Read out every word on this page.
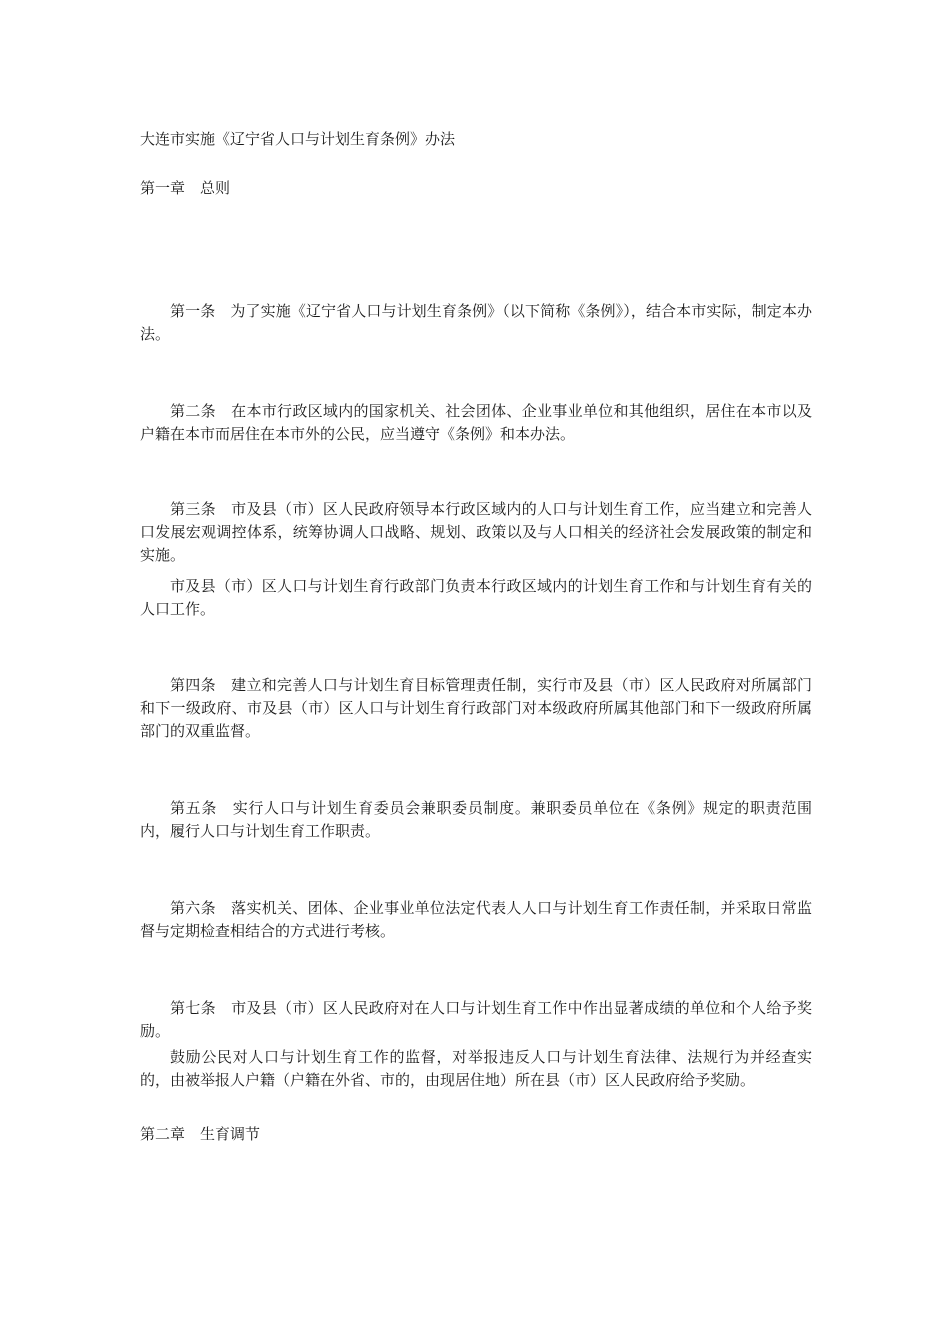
大连市实施《辽宁省人口与计划生育条例》办法
第一章　总则
第一条　为了实施《辽宁省人口与计划生育条例》（以下简称《条例》），结合本市实际，制定本办法。
第二条　在本市行政区域内的国家机关、社会团体、企业事业单位和其他组织，居住在本市以及户籍在本市而居住在本市外的公民，应当遵守《条例》和本办法。
第三条　市及县（市）区人民政府领导本行政区域内的人口与计划生育工作，应当建立和完善人口发展宏观调控体系，统筹协调人口战略、规划、政策以及与人口相关的经济社会发展政策的制定和实施。
市及县（市）区人口与计划生育行政部门负责本行政区域内的计划生育工作和与计划生育有关的人口工作。
第四条　建立和完善人口与计划生育目标管理责任制，实行市及县（市）区人民政府对所属部门和下一级政府、市及县（市）区人口与计划生育行政部门对本级政府所属其他部门和下一级政府所属部门的双重监督。
第五条　实行人口与计划生育委员会兼职委员制度。兼职委员单位在《条例》规定的职责范围内，履行人口与计划生育工作职责。
第六条　落实机关、团体、企业事业单位法定代表人人口与计划生育工作责任制，并采取日常监督与定期检查相结合的方式进行考核。
第七条　市及县（市）区人民政府对在人口与计划生育工作中作出显著成绩的单位和个人给予奖励。
鼓励公民对人口与计划生育工作的监督，对举报违反人口与计划生育法律、法规行为并经查实的，由被举报人户籍（户籍在外省、市的，由现居住地）所在县（市）区人民政府给予奖励。
第二章　生育调节
